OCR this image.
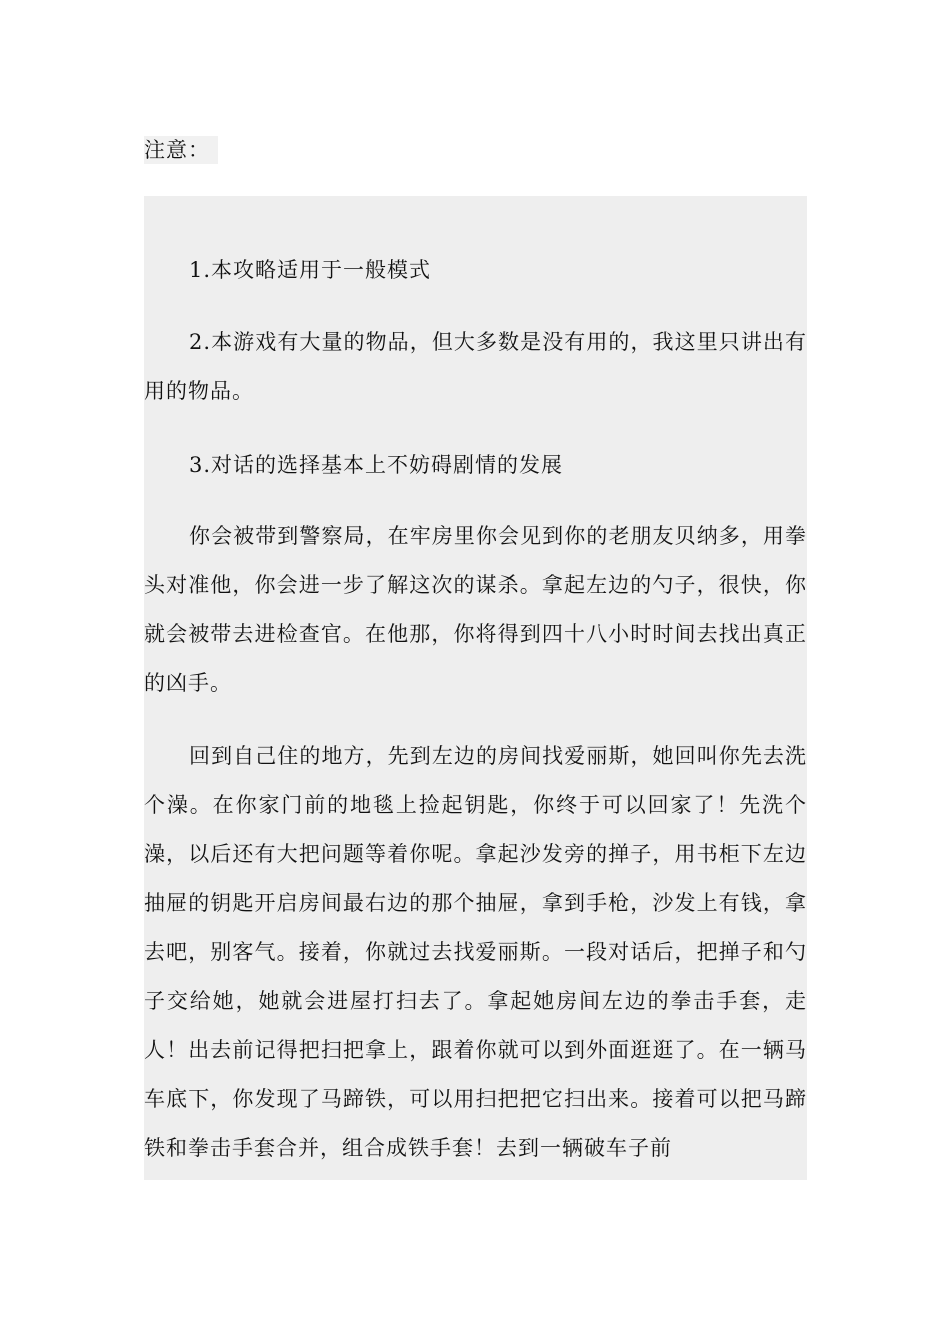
注意：

1.本攻略适用于一般模式

2.本游戏有大量的物品，但大多数是没有用的，我这里只讲出有用的物品。

3.对话的选择基本上不妨碍剧情的发展

你会被带到警察局，在牢房里你会见到你的老朋友贝纳多，用拳头对准他，你会进一步了解这次的谋杀。拿起左边的勺子，很快，你就会被带去进检查官。在他那，你将得到四十八小时时间去找出真正的凶手。

回到自己住的地方，先到左边的房间找爱丽斯，她回叫你先去洗个澡。在你家门前的地毯上捡起钥匙，你终于可以回家了！先洗个澡，以后还有大把问题等着你呢。拿起沙发旁的掸子，用书柜下左边抽屉的钥匙开启房间最右边的那个抽屉，拿到手枪，沙发上有钱，拿去吧，别客气。接着，你就过去找爱丽斯。一段对话后，把掸子和勺子交给她，她就会进屋打扫去了。拿起她房间左边的拳击手套，走人！出去前记得把扫把拿上，跟着你就可以到外面逛逛了。在一辆马车底下，你发现了马蹄铁，可以用扫把把它扫出来。接着可以把马蹄铁和拳击手套合并，组合成铁手套！去到一辆破车子前
